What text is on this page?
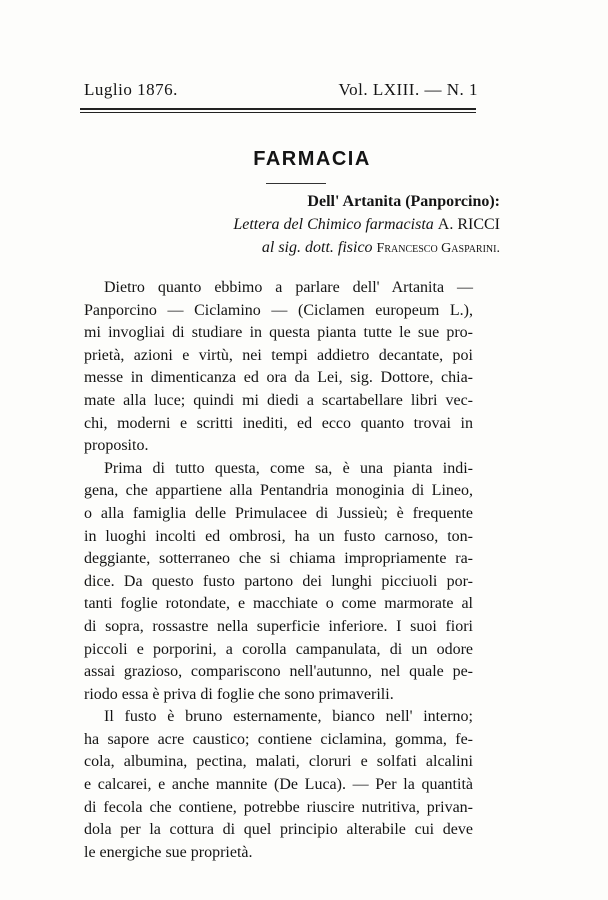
Luglio 1876.	Vol. LXIII. — N. 1
FARMACIA
Dell' Artanita (Panporcino):
Lettera del Chimico farmacista A. RICCI
al sig. dott. fisico Francesco Gasparini.
Dietro quanto ebbimo a parlare dell' Artanita —
Panporcino — Ciclamino — (Ciclamen europeum L.),
mi invogliai di studiare in questa pianta tutte le sue pro-
prietà, azioni e virtù, nei tempi addietro decantate, poi
messe in dimenticanza ed ora da Lei, sig. Dottore, chia-
mate alla luce; quindi mi diedi a scartabellare libri vec-
chi, moderni e scritti inediti, ed ecco quanto trovai in
proposito.
Prima di tutto questa, come sa, è una pianta indi-
gena, che appartiene alla Pentandria monoginia di Lineo,
o alla famiglia delle Primulacee di Jussieù; è frequente
in luoghi incolti ed ombrosi, ha un fusto carnoso, ton-
deggiante, sotterraneo che si chiama impropriamente ra-
dice. Da questo fusto partono dei lunghi picciuoli por-
tanti foglie rotondate, e macchiate o come marmorate al
di sopra, rossastre nella superficie inferiore. I suoi fiori
piccoli e porporini, a corolla campanulata, di un odore
assai grazioso, compariscono nell'autunno, nel quale pe-
riodo essa è priva di foglie che sono primaverili.
Il fusto è bruno esternamente, bianco nell' interno;
ha sapore acre caustico; contiene ciclamina, gomma, fe-
cola, albumina, pectina, malati, cloruri e solfati alcalini
e calcarei, e anche mannite (De Luca). — Per la quantità
di fecola che contiene, potrebbe riuscire nutritiva, privan-
dola per la cottura di quel principio alterabile cui deve
le energiche sue proprietà.
